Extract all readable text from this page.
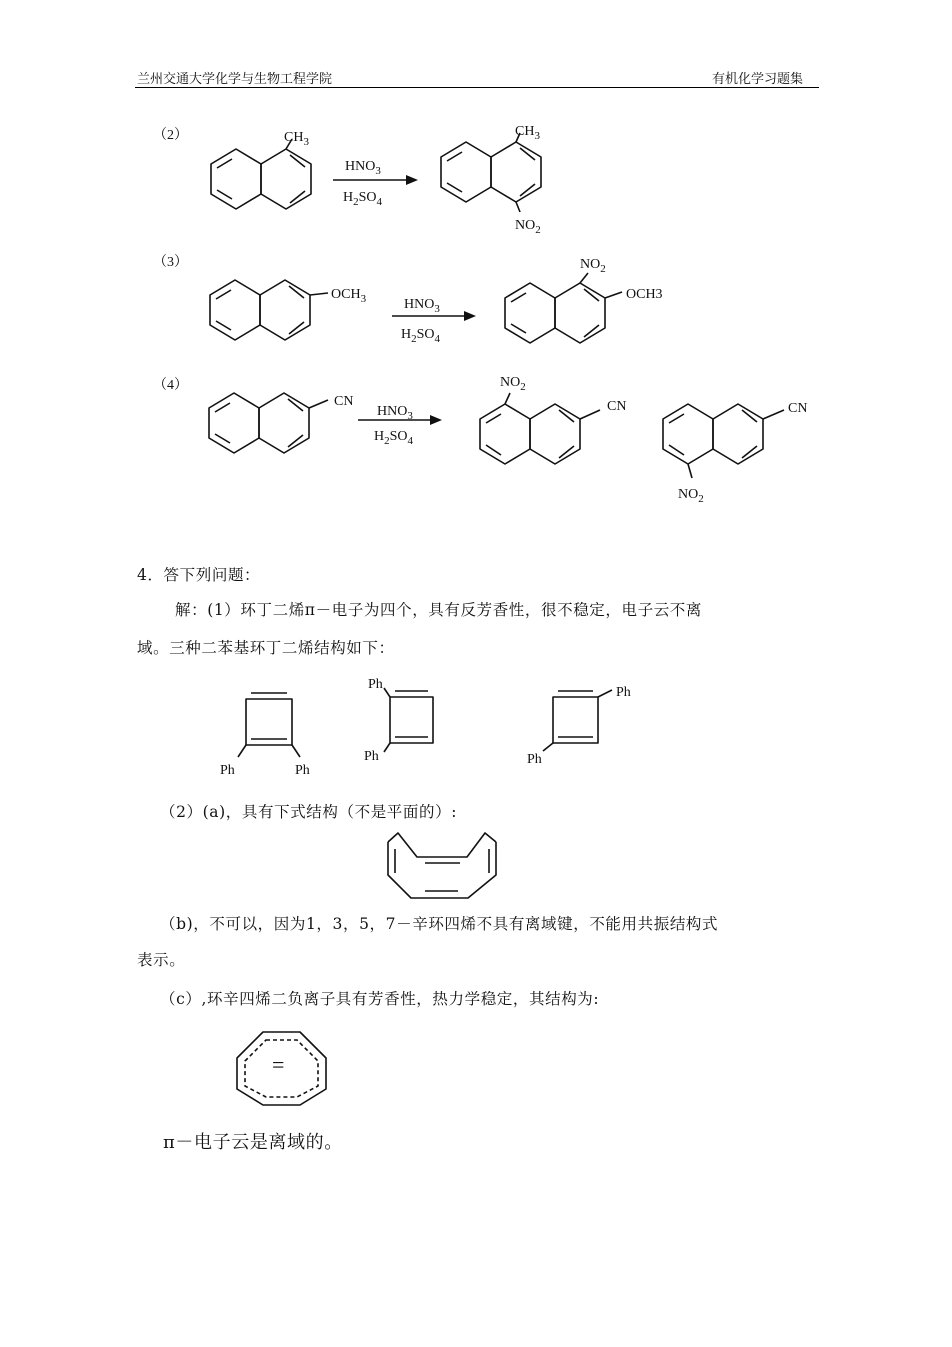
兰州交通大学化学与生物工程学院	有机化学习题集
（2）	$CH_3$
$HNO_3$
$H_2SO_4$
$CH_3$
$NO_2$
（3）
$OCH_3$	$HNO_3$
$H_2SO_4$
$NO_2$
OCH3
（4）
CN
$HNO_3$
$H_2SO_4$
$NO_2$
CN	CN
$NO_2$
Ph	Ph
Ph
Ph
Ph
Ph
=
4．答下列问题：
解：(1）环丁二烯π－电子为四个，具有反芳香性，很不稳定，电子云不离
域。三种二苯基环丁二烯结构如下：
（2）(a)，具有下式结构（不是平面的）:
（b)，不可以，因为1，3，5，7－辛环四烯不具有离域键，不能用共振结构式
表示。
（c）,环辛四烯二负离子具有芳香性，热力学稳定，其结构为:
π－电子云是离域的。
